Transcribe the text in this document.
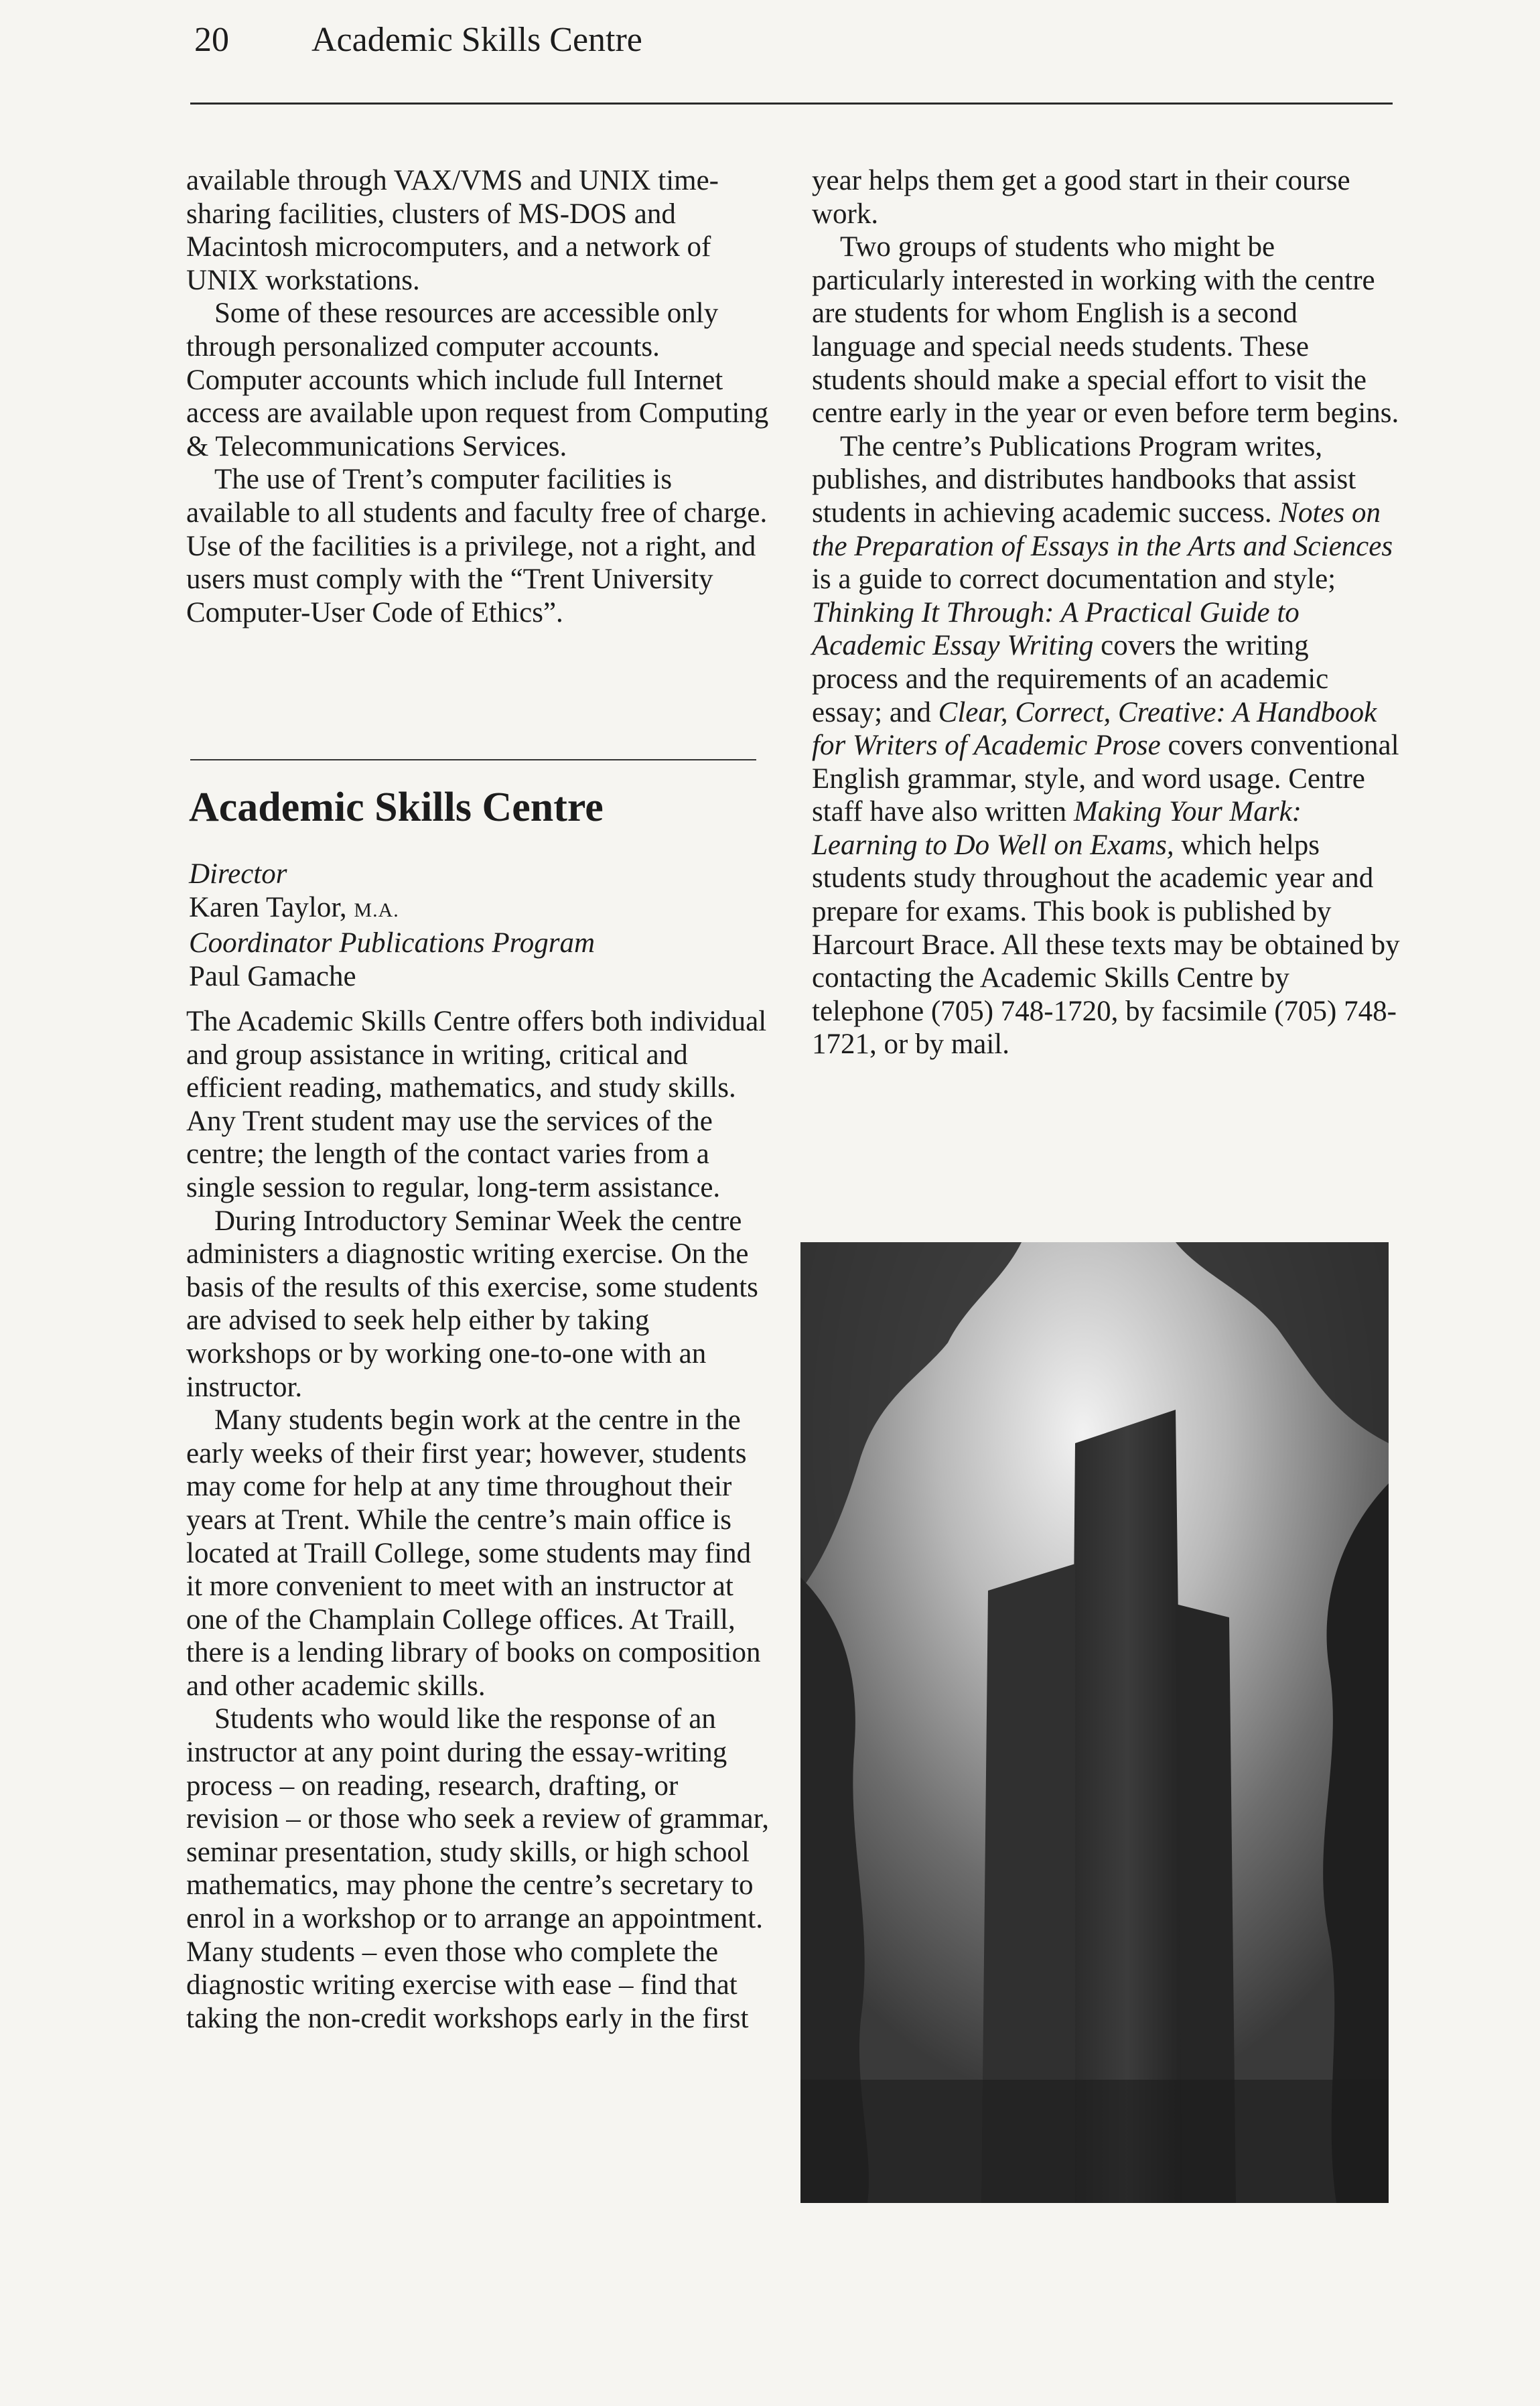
20 Academic Skills Centre

available through VAX/VMS and UNIX time-sharing facilities, clusters of MS-DOS and Macintosh microcomputers, and a network of UNIX workstations.

Some of these resources are accessible only through personalized computer accounts. Computer accounts which include full Internet access are available upon request from Computing & Telecommunications Services.

The use of Trent’s computer facilities is available to all students and faculty free of charge. Use of the facilities is a privilege, not a right, and users must comply with the “Trent University Computer-User Code of Ethics”.

Academic Skills Centre
Director
Karen Taylor, M.A.
Coordinator Publications Program
Paul Gamache

The Academic Skills Centre offers both individual and group assistance in writing, critical and efficient reading, mathematics, and study skills. Any Trent student may use the services of the centre; the length of the contact varies from a single session to regular, long-term assistance.

During Introductory Seminar Week the centre administers a diagnostic writing exercise. On the basis of the results of this exercise, some students are advised to seek help either by taking workshops or by working one-to-one with an instructor.

Many students begin work at the centre in the early weeks of their first year; however, students may come for help at any time throughout their years at Trent. While the centre’s main office is located at Traill College, some students may find it more convenient to meet with an instructor at one of the Champlain College offices. At Traill, there is a lending library of books on composition and other academic skills.

Students who would like the response of an instructor at any point during the essay-writing process – on reading, research, drafting, or revision – or those who seek a review of grammar, seminar presentation, study skills, or high school mathematics, may phone the centre’s secretary to enrol in a workshop or to arrange an appointment. Many students – even those who complete the diagnostic writing exercise with ease – find that taking the non-credit workshops early in the first

year helps them get a good start in their course work.

Two groups of students who might be particularly interested in working with the centre are students for whom English is a second language and special needs students. These students should make a special effort to visit the centre early in the year or even before term begins.

The centre’s Publications Program writes, publishes, and distributes handbooks that assist students in achieving academic success. Notes on the Preparation of Essays in the Arts and Sciences is a guide to correct documentation and style; Thinking It Through: A Practical Guide to Academic Essay Writing covers the writing process and the requirements of an academic essay; and Clear, Correct, Creative: A Handbook for Writers of Academic Prose covers conventional English grammar, style, and word usage. Centre staff have also written Making Your Mark: Learning to Do Well on Exams, which helps students study throughout the academic year and prepare for exams. This book is published by Harcourt Brace. All these texts may be obtained by contacting the Academic Skills Centre by telephone (705) 748-1720, by facsimile (705) 748-1721, or by mail.
